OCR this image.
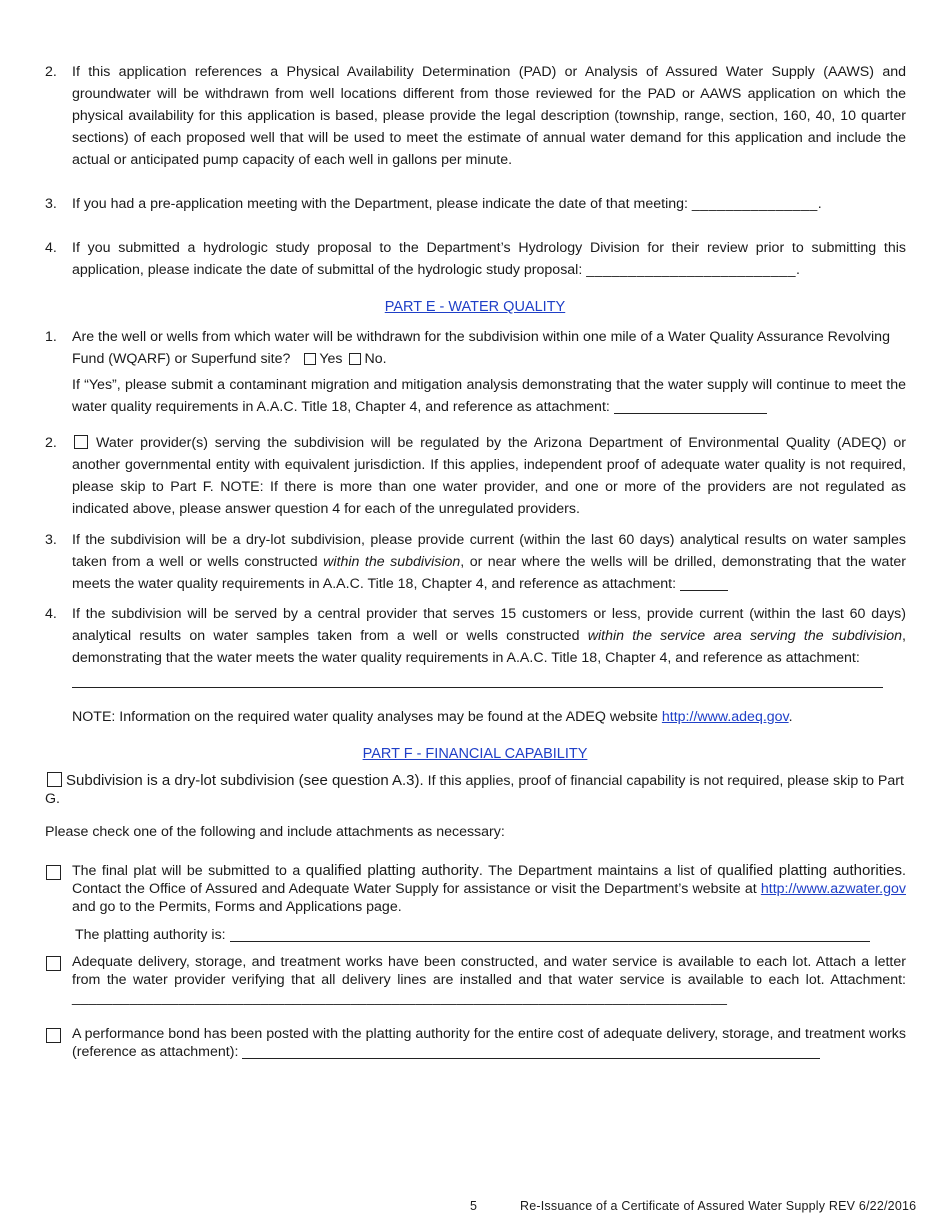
2.	If this application references a Physical Availability Determination (PAD) or Analysis of Assured Water Supply (AAWS) and groundwater will be withdrawn from well locations different from those reviewed for the PAD or AAWS application on which the physical availability for this application is based, please provide the legal description (township, range, section, 160, 40, 10 quarter sections) of each proposed well that will be used to meet the estimate of annual water demand for this application and include the actual or anticipated pump capacity of each well in gallons per minute.
3.	If you had a pre-application meeting with the Department, please indicate the date of that meeting: _______________.
4.	If you submitted a hydrologic study proposal to the Department’s Hydrology Division for their review prior to submitting this application, please indicate the date of submittal of the hydrologic study proposal: _________________________.
PART E - WATER QUALITY
1.	Are the well or wells from which water will be withdrawn for the subdivision within one mile of a Water Quality Assurance Revolving Fund (WQARF) or Superfund site? Yes No.
If “Yes”, please submit a contaminant migration and mitigation analysis demonstrating that the water supply will continue to meet the water quality requirements in A.A.C. Title 18, Chapter 4, and reference as attachment:
2.	Water provider(s) serving the subdivision will be regulated by the Arizona Department of Environmental Quality (ADEQ) or another governmental entity with equivalent jurisdiction. If this applies, independent proof of adequate water quality is not required, please skip to Part F. NOTE: If there is more than one water provider, and one or more of the providers are not regulated as indicated above, please answer question 4 for each of the unregulated providers.
3.	If the subdivision will be a dry-lot subdivision, please provide current (within the last 60 days) analytical results on water samples taken from a well or wells constructed within the subdivision, or near where the wells will be drilled, demonstrating that the water meets the water quality requirements in A.A.C. Title 18, Chapter 4, and reference as attachment:
4.	If the subdivision will be served by a central provider that serves 15 customers or less, provide current (within the last 60 days) analytical results on water samples taken from a well or wells constructed within the service area serving the subdivision, demonstrating that the water meets the water quality requirements in A.A.C. Title 18, Chapter 4, and reference as attachment:
NOTE: Information on the required water quality analyses may be found at the ADEQ website http://www.adeq.gov.
PART F - FINANCIAL CAPABILITY
Subdivision is a dry-lot subdivision (see question A.3). If this applies, proof of financial capability is not required, please skip to Part G.
Please check one of the following and include attachments as necessary:
The final plat will be submitted to a qualified platting authority. The Department maintains a list of qualified platting authorities. Contact the Office of Assured and Adequate Water Supply for assistance or visit the Department’s website at http://www.azwater.gov and go to the Permits, Forms and Applications page.
The platting authority is:
Adequate delivery, storage, and treatment works have been constructed, and water service is available to each lot. Attach a letter from the water provider verifying that all delivery lines are installed and that water service is available to each lot. Attachment: ________________________________________________________________________________
A performance bond has been posted with the platting authority for the entire cost of adequate delivery, storage, and treatment works (reference as attachment):
5	Re-Issuance of a Certificate of Assured Water Supply REV 6/22/2016
